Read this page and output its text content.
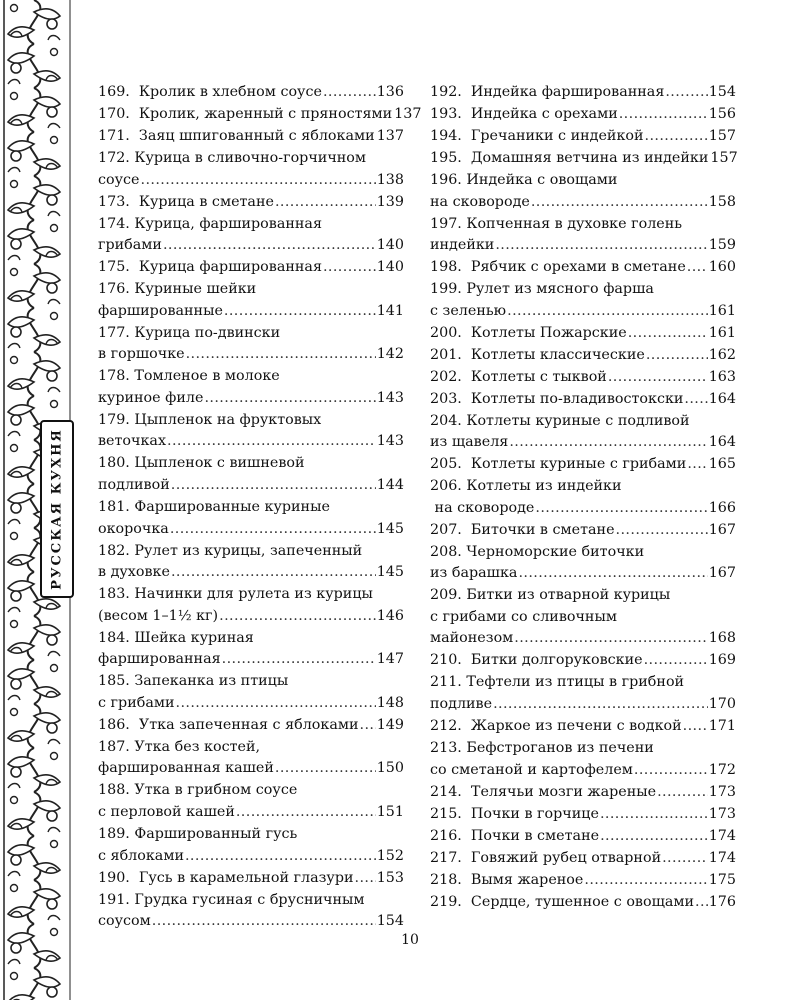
РУССКАЯ КУХНЯ
169.  Кролик в хлебном соусе .....	136
170.  Кролик, жаренный с пряностями 137
171.  Заяц шпигованный с яблоками ..... 137
172. Курица в сливочно-горчичном
соусе .....	138
173.  Курица в сметане .....	139
174. Курица, фаршированная
грибами .....	140
175.  Курица фаршированная .....	140
176. Куриные шейки
фаршированные .....	141
177. Курица по-двински
в горшочке .....	142
178. Томленое в молоке
куриное филе .....	143
179. Цыпленок на фруктовых
веточках .....	143
180. Цыпленок с вишневой
подливой .....	144
181. Фаршированные куриные
окорочка .....	145
182. Рулет из курицы, запеченный
в духовке .....	145
183. Начинки для рулета из курицы
(весом 1–1½ кг) .....	146
184. Шейка куриная
фаршированная .....	147
185. Запеканка из птицы
с грибами .....	148
186.  Утка запеченная с яблоками ..... 149
187. Утка без костей,
фаршированная кашей .....	150
188. Утка в грибном соусе
с перловой кашей .....	151
189. Фаршированный гусь
с яблоками .....	152
190.  Гусь в карамельной глазури ..... 153
191. Грудка гусиная с брусничным
соусом .....	154
192.  Индейка фаршированная .....	154
193.  Индейка с орехами .....	156
194.  Гречаники с индейкой .....	157
195.  Домашняя ветчина из индейки 157
196. Индейка с овощами
на сковороде .....	158
197. Копченная в духовке голень
индейки .....	159
198.  Рябчик с орехами в сметане ..... 160
199. Рулет из мясного фарша
с зеленью .....	161
200.  Котлеты Пожарские .....	161
201.  Котлеты классические .....	162
202.  Котлеты с тыквой .....	163
203.  Котлеты по-владивостокски ..... 164
204. Котлеты куриные с подливой
из щавеля .....	164
205.  Котлеты куриные с грибами ..... 165
206. Котлеты из индейки
на сковороде .....	166
207.  Биточки в сметане .....	167
208. Черноморские биточки
из барашка .....	167
209. Битки из отварной курицы
с грибами со сливочным
майонезом .....	168
210.  Битки долгоруковские .....	169
211. Тефтели из птицы в грибной
подливе .....	170
212.  Жаркое из печени с водкой ..... 171
213. Бефстроганов из печени
со сметаной и картофелем .....	172
214.  Телячьи мозги жареные .....	173
215.  Почки в горчице .....	173
216.  Почки в сметане .....	174
217.  Говяжий рубец отварной .....	174
218.  Вымя жареное .....	175
219.  Сердце, тушенное с овощами ..... 176
10
